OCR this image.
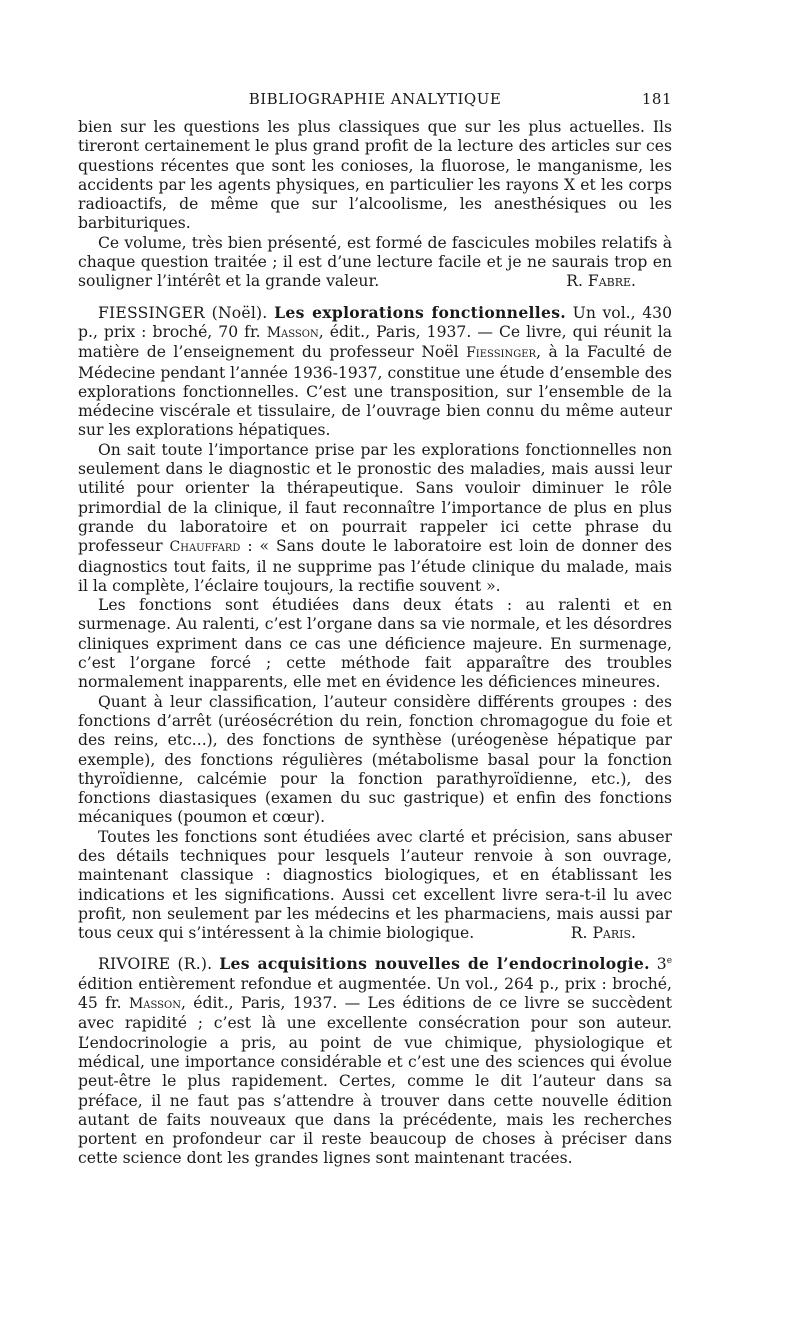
BIBLIOGRAPHIE ANALYTIQUE	181

bien sur les questions les plus classiques que sur les plus actuelles. Ils tireront certainement le plus grand profit de la lecture des articles sur ces questions récentes que sont les conioses, la fluorose, le manganisme, les accidents par les agents physiques, en particulier les rayons X et les corps radioactifs, de même que sur l’alcoolisme, les anesthésiques ou les barbituriques.

Ce volume, très bien présenté, est formé de fascicules mobiles relatifs à chaque question traitée ; il est d’une lecture facile et je ne saurais trop en souligner l’intérêt et la grande valeur.	R. Fabre.

FIESSINGER (Noël). Les explorations fonctionnelles. Un vol., 430 p., prix : broché, 70 fr. Masson, édit., Paris, 1937. — Ce livre, qui réunit la matière de l’enseignement du professeur Noël Fiessinger, à la Faculté de Médecine pendant l’année 1936-1937, constitue une étude d’ensemble des explorations fonctionnelles. C’est une transposition, sur l’ensemble de la médecine viscérale et tissulaire, de l’ouvrage bien connu du même auteur sur les explorations hépatiques.

On sait toute l’importance prise par les explorations fonctionnelles non seulement dans le diagnostic et le pronostic des maladies, mais aussi leur utilité pour orienter la thérapeutique. Sans vouloir diminuer le rôle primordial de la clinique, il faut reconnaître l’importance de plus en plus grande du laboratoire et on pourrait rappeler ici cette phrase du professeur Chauffard : « Sans doute le laboratoire est loin de donner des diagnostics tout faits, il ne supprime pas l’étude clinique du malade, mais il la complète, l’éclaire toujours, la rectifie souvent ».

Les fonctions sont étudiées dans deux états : au ralenti et en surmenage. Au ralenti, c’est l’organe dans sa vie normale, et les désordres cliniques expriment dans ce cas une déficience majeure. En surmenage, c’est l’organe forcé ; cette méthode fait apparaître des troubles normalement inapparents, elle met en évidence les déficiences mineures.

Quant à leur classification, l’auteur considère différents groupes : des fonctions d’arrêt (uréosécrétion du rein, fonction chromagogue du foie et des reins, etc...), des fonctions de synthèse (uréogenèse hépatique par exemple), des fonctions régulières (métabolisme basal pour la fonction thyroïdienne, calcémie pour la fonction parathyroïdienne, etc.), des fonctions diastasiques (examen du suc gastrique) et enfin des fonctions mécaniques (poumon et cœur).

Toutes les fonctions sont étudiées avec clarté et précision, sans abuser des détails techniques pour lesquels l’auteur renvoie à son ouvrage, maintenant classique : diagnostics biologiques, et en établissant les indications et les significations. Aussi cet excellent livre sera-t-il lu avec profit, non seulement par les médecins et les pharmaciens, mais aussi par tous ceux qui s’intéressent à la chimie biologique.	R. Paris.

RIVOIRE (R.). Les acquisitions nouvelles de l’endocrinologie. 3e édition entièrement refondue et augmentée. Un vol., 264 p., prix : broché, 45 fr. Masson, édit., Paris, 1937. — Les éditions de ce livre se succèdent avec rapidité ; c’est là une excellente consécration pour son auteur. L’endocrinologie a pris, au point de vue chimique, physiologique et médical, une importance considérable et c’est une des sciences qui évolue peut-être le plus rapidement. Certes, comme le dit l’auteur dans sa préface, il ne faut pas s’attendre à trouver dans cette nouvelle édition autant de faits nouveaux que dans la précédente, mais les recherches portent en profondeur car il reste beaucoup de choses à préciser dans cette science dont les grandes lignes sont maintenant tracées.
